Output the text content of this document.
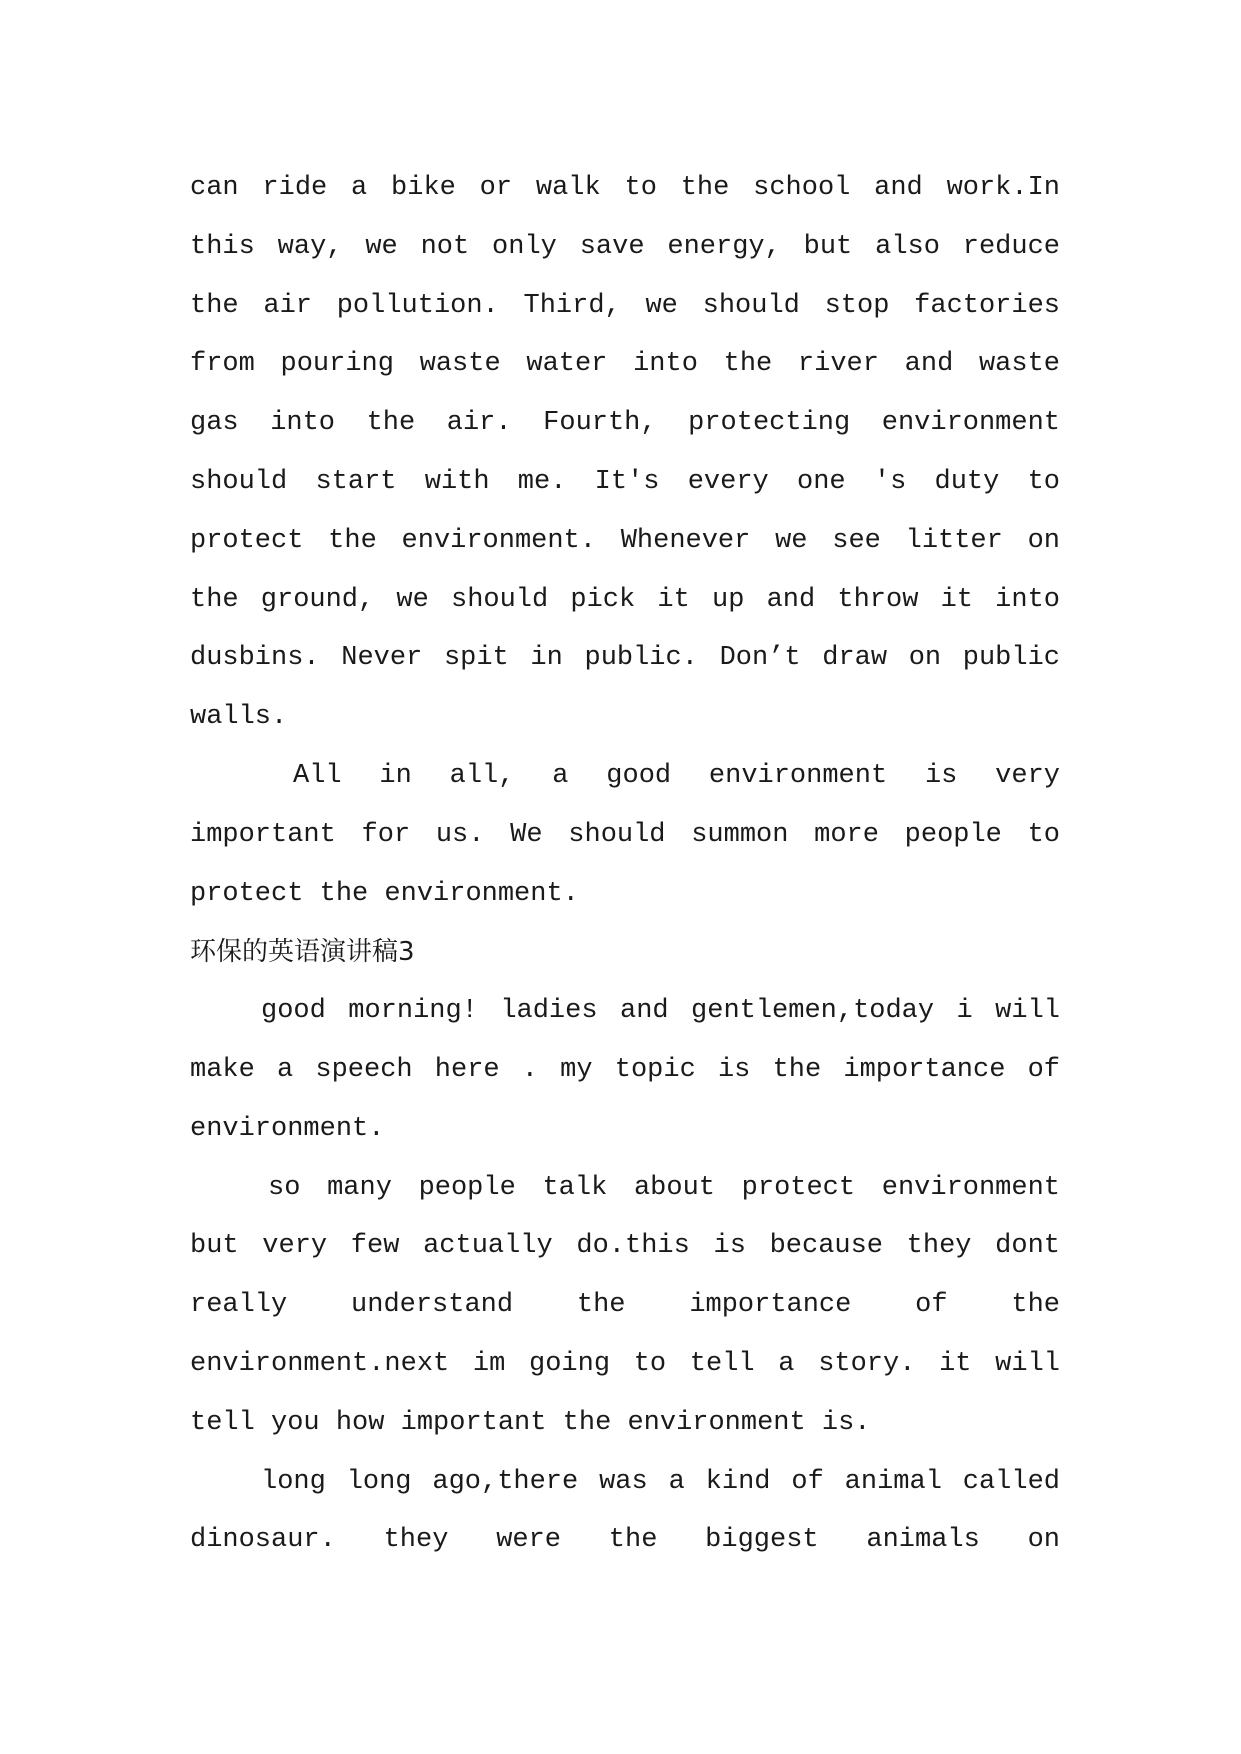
can ride a bike or walk to the school and work.In
this way, we not only save energy, but also reduce
the air pollution. Third, we should stop factories
from pouring waste water into the river and waste
gas into the air. Fourth, protecting environment
should start with me. It's every one 's duty to
protect the environment. Whenever we see litter on
the ground, we should pick it up and throw it into
dusbins. Never spit in public. Don’t draw on public
walls.
All in all, a good environment is very
important for us. We should summon more people to
protect the environment.
环保的英语演讲稿3
good morning! ladies and gentlemen,today i will
make a speech here . my topic is the importance of
environment.
so many people talk about protect environment
but very few actually do.this is because they dont
really understand the importance of the
environment.next im going to tell a story. it will
tell you how important the environment is.
long long ago,there was a kind of animal called
dinosaur. they were the biggest animals on
